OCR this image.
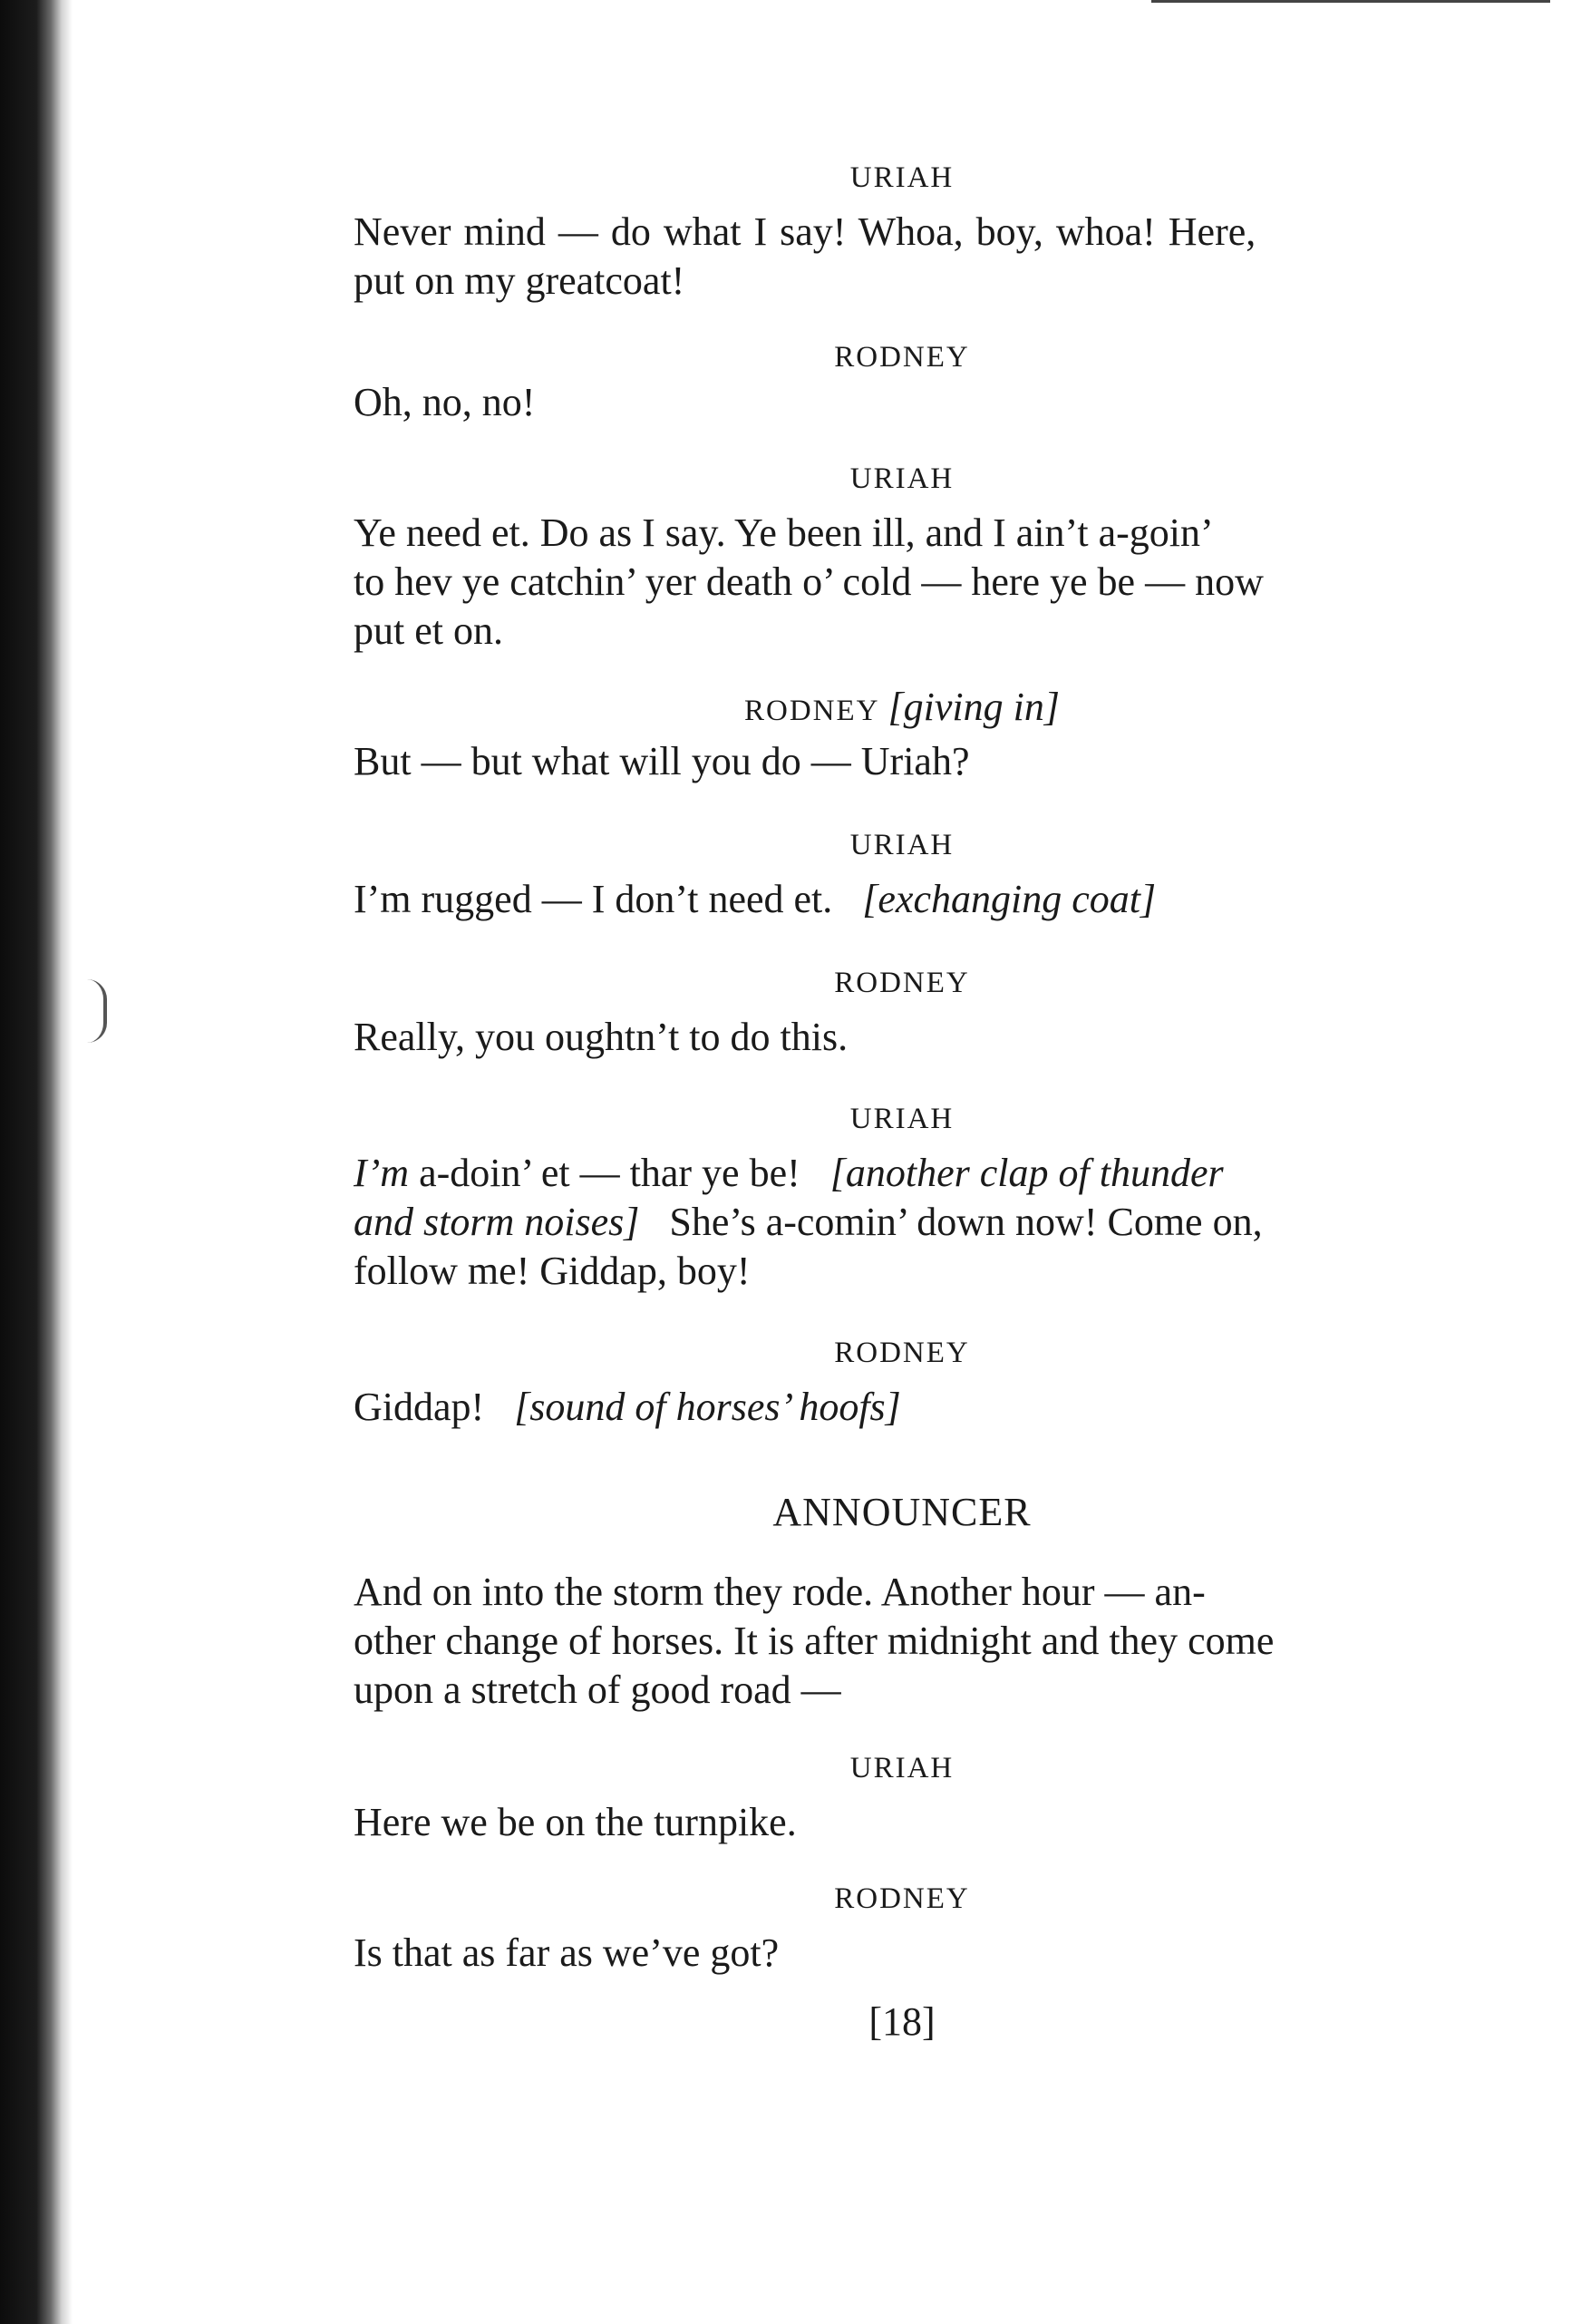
URIAH
Never mind — do what I say! Whoa, boy, whoa! Here,
put on my greatcoat!
RODNEY
Oh, no, no!
URIAH
Ye need et. Do as I say. Ye been ill, and I ain’t a-goin’
to hev ye catchin’ yer death o’ cold — here ye be — now
put et on.
RODNEY [giving in]
But — but what will you do — Uriah?
URIAH
I’m rugged — I don’t need et. [exchanging coat]
RODNEY
Really, you oughtn’t to do this.
URIAH
I’m a-doin’ et — thar ye be! [another clap of thunder
and storm noises] She’s a-comin’ down now! Come on,
follow me! Giddap, boy!
RODNEY
Giddap! [sound of horses’ hoofs]
ANNOUNCER
And on into the storm they rode. Another hour — an-
other change of horses. It is after midnight and they come
upon a stretch of good road —
URIAH
Here we be on the turnpike.
RODNEY
Is that as far as we’ve got?
[18]
